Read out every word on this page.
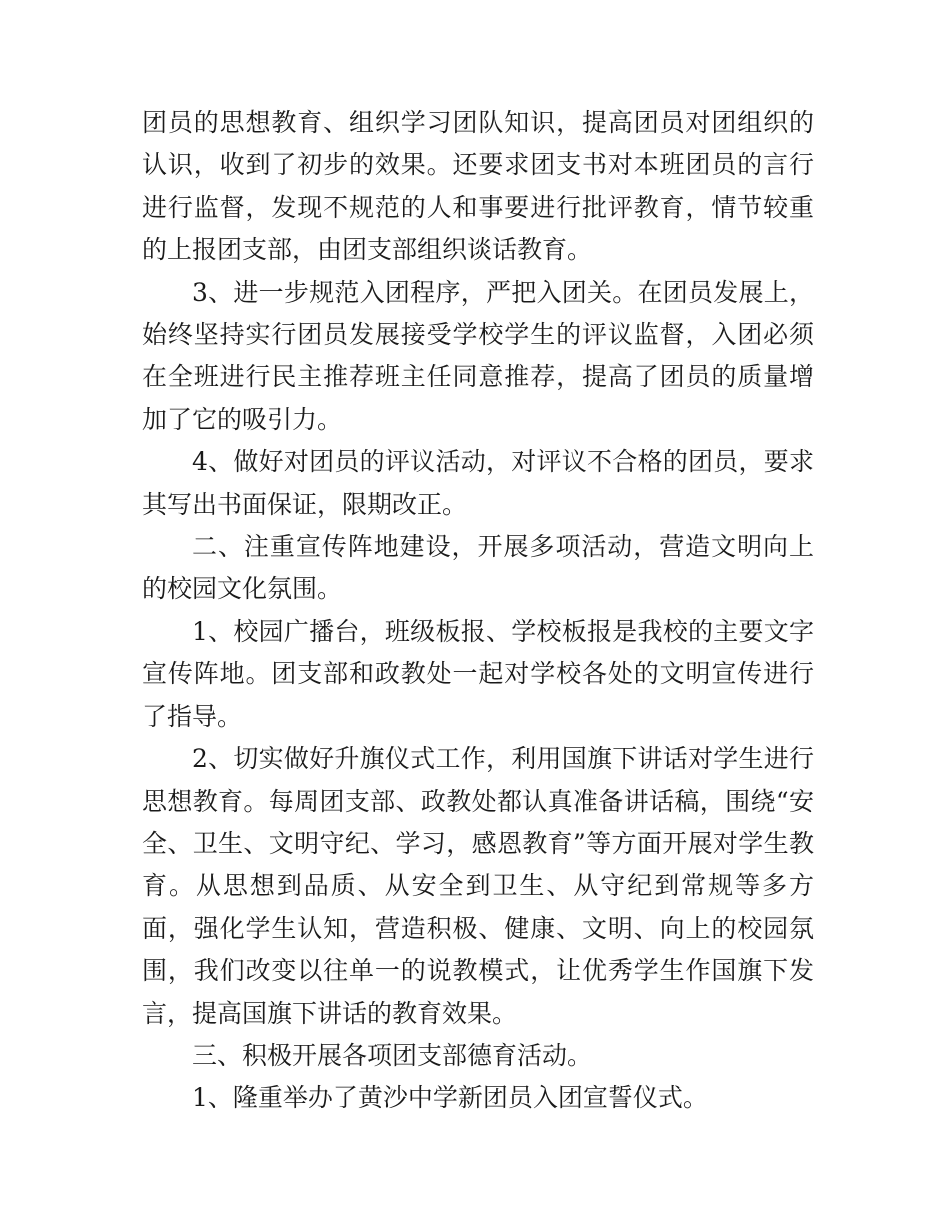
团员的思想教育、组织学习团队知识，提高团员对团组织的认识，收到了初步的效果。还要求团支书对本班团员的言行进行监督，发现不规范的人和事要进行批评教育，情节较重的上报团支部，由团支部组织谈话教育。

3、进一步规范入团程序，严把入团关。在团员发展上，始终坚持实行团员发展接受学校学生的评议监督，入团必须在全班进行民主推荐班主任同意推荐，提高了团员的质量增加了它的吸引力。

4、做好对团员的评议活动，对评议不合格的团员，要求其写出书面保证，限期改正。

二、注重宣传阵地建设，开展多项活动，营造文明向上的校园文化氛围。

1、校园广播台，班级板报、学校板报是我校的主要文字宣传阵地。团支部和政教处一起对学校各处的文明宣传进行了指导。

2、切实做好升旗仪式工作，利用国旗下讲话对学生进行思想教育。每周团支部、政教处都认真准备讲话稿，围绕“安全、卫生、文明守纪、学习，感恩教育”等方面开展对学生教育。从思想到品质、从安全到卫生、从守纪到常规等多方面，强化学生认知，营造积极、健康、文明、向上的校园氛围，我们改变以往单一的说教模式，让优秀学生作国旗下发言，提高国旗下讲话的教育效果。

三、积极开展各项团支部德育活动。

1、隆重举办了黄沙中学新团员入团宣誓仪式。
